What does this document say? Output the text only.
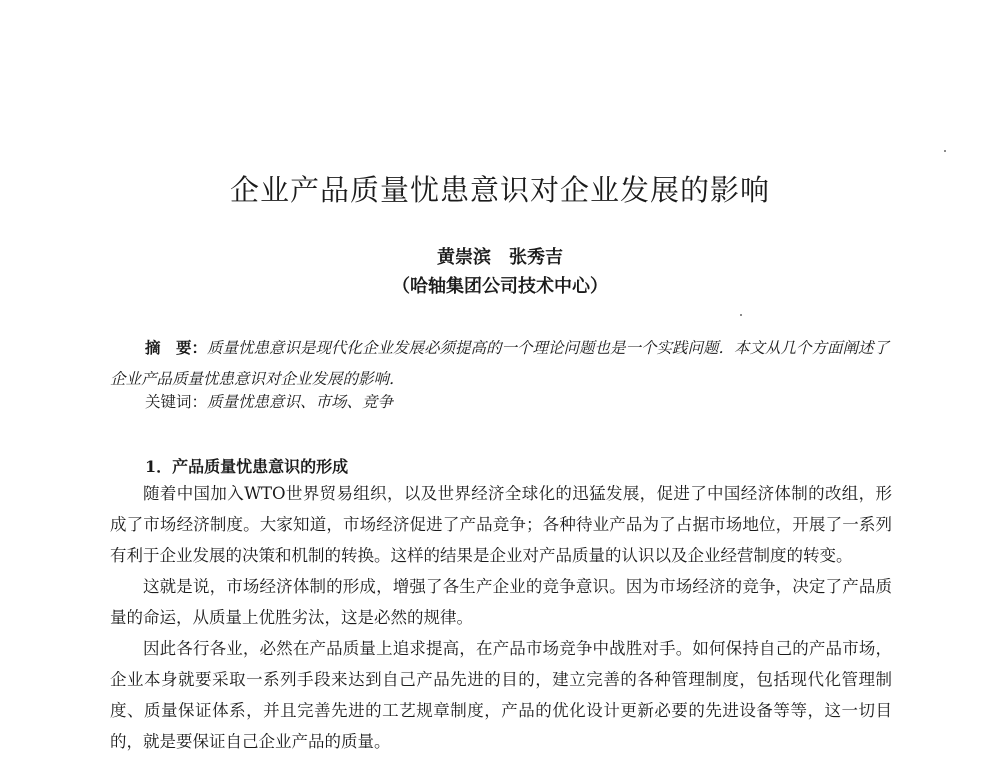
企业产品质量忧患意识对企业发展的影响
黄崇滨　张秀吉
（哈轴集团公司技术中心）
摘　要：质量忧患意识是现代化企业发展必须提高的一个理论问题也是一个实践问题．本文从几个方面阐述了企业产品质量忧患意识对企业发展的影响．
关键词：质量忧患意识、市场、竞争
1．产品质量忧患意识的形成

随着中国加入WTO世界贸易组织，以及世界经济全球化的迅猛发展，促进了中国经济体制的改组，形成了市场经济制度。大家知道，市场经济促进了产品竞争；各种待业产品为了占据市场地位，开展了一系列有利于企业发展的决策和机制的转换。这样的结果是企业对产品质量的认识以及企业经营制度的转变。

这就是说，市场经济体制的形成，增强了各生产企业的竞争意识。因为市场经济的竞争，决定了产品质量的命运，从质量上优胜劣汰，这是必然的规律。

因此各行各业，必然在产品质量上追求提高，在产品市场竞争中战胜对手。如何保持自己的产品市场，企业本身就要采取一系列手段来达到自己产品先进的目的，建立完善的各种管理制度，包括现代化管理制度、质量保证体系，并且完善先进的工艺规章制度，产品的优化设计更新必要的先进设备等等，这一切目的，就是要保证自己企业产品的质量。
